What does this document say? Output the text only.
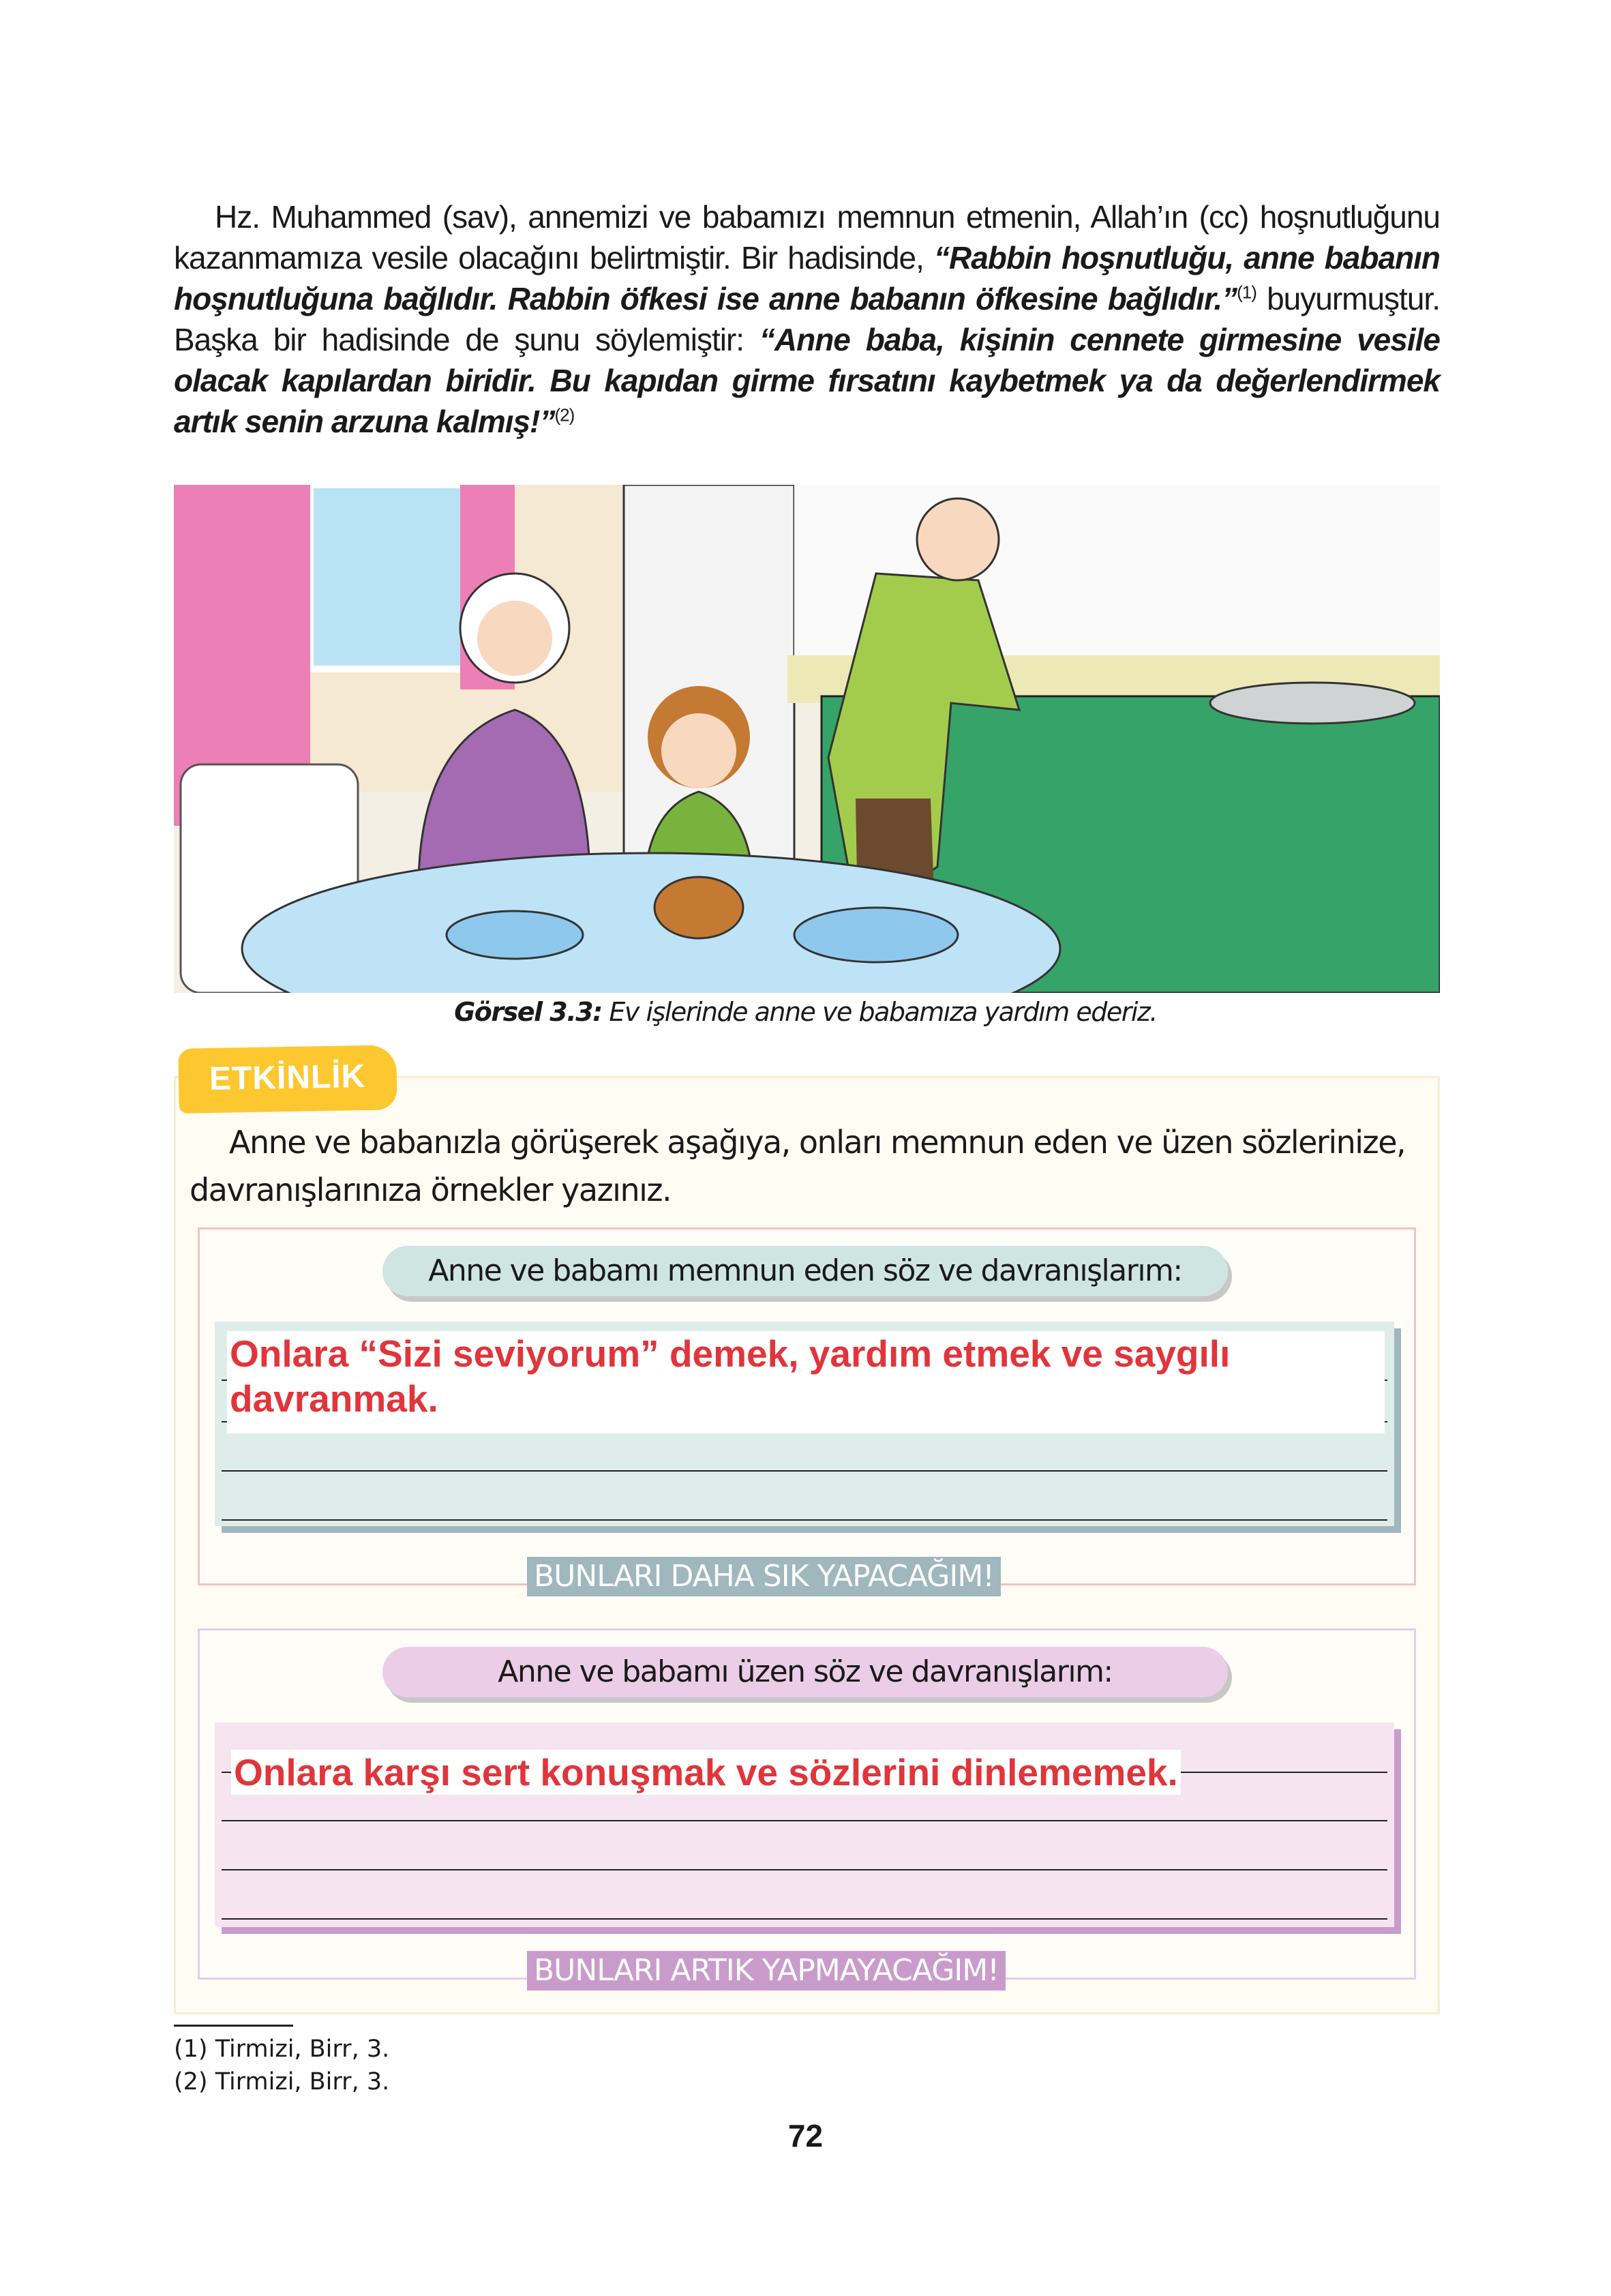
Hz. Muhammed (sav), annemizi ve babamızı memnun etmenin, Allah’ın (cc) hoşnutluğunu kazanmamıza vesile olacağını belirtmiştir. Bir hadisinde, “Rabbin hoşnutluğu, anne babanın hoşnutluğuna bağlıdır. Rabbin öfkesi ise anne babanın öfkesine bağlıdır.”$^{(1)}$ buyurmuştur. Başka bir hadisinde de şunu söylemiştir: “Anne baba, kişinin cennete girmesine vesile olacak kapılardan biridir. Bu kapıdan girme fırsatını kaybetmek ya da değerlendirmek artık senin arzuna kalmış!”$^{(2)}$
Görsel 3.3: Ev işlerinde anne ve babamıza yardım ederiz.
ETKİNLİK
Anne ve babanızla görüşerek aşağıya, onları memnun eden ve üzen sözlerinize, davranışlarınıza örnekler yazınız.
Anne ve babamı memnun eden söz ve davranışlarım:
Onlara “Sizi seviyorum” demek, yardım etmek ve saygılı davranmak.
BUNLARI DAHA SIK YAPACAĞIM!
Anne ve babamı üzen söz ve davranışlarım:
Onlara karşı sert konuşmak ve sözlerini dinlememek.
BUNLARI ARTIK YAPMAYACAĞIM!
(1) Tirmizi, Birr, 3.
(2) Tirmizi, Birr, 3.
72
